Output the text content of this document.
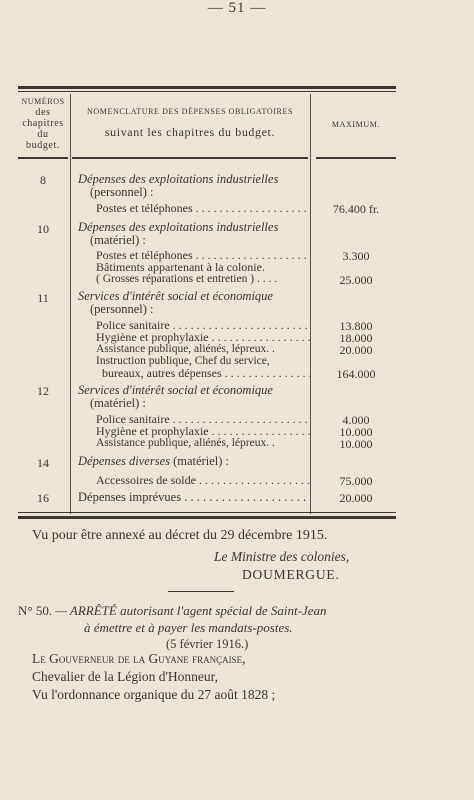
— 51 —
NUMÉROS
des
chapitres
du
budget.
NOMENCLATURE DES DÉPENSES OBLIGATOIRES
suivant les chapitres du budget.
MAXIMUM.
8	Dépenses des exploitations industrielles
(personnel) :
Postes et téléphones . . .	76.400 fr.
10	Dépenses des exploitations industrielles
(matériel) :
Postes et téléphones . . .	3.300
Bâtiments appartenant à la colonie.
( Grosses réparations et entretien ) . . . .	25.000
11	Services d'intérêt social et économique
(personnel) :
Police sanitaire . . .	13.800
Hygiène et prophylaxie . . .	18.000
Assistance publique, aliénés, lépreux. .	20.000
Instruction publique, Chef du service,
bureaux, autres dépenses . . .	164.000
12	Services d'intérêt social et économique
(matériel) :
Police sanitaire . . .	4.000
Hygiène et prophylaxie . . .	10.000
Assistance publique, aliénés, lépreux. .	10.000
14	Dépenses diverses (matériel) :
Accessoires de solde . . .	75.000
16	Dépenses imprévues . . .	20.000
Vu pour être annexé au décret du 29 décembre 1915.
Le Ministre des colonies,
DOUMERGUE.
N° 50. — ARRÊTÉ autorisant l'agent spécial de Saint-Jean
à émettre et à payer les mandats-postes.
(5 février 1916.)
Le Gouverneur de la Guyane française,
Chevalier de la Légion d'Honneur,
Vu l'ordonnance organique du 27 août 1828 ;
